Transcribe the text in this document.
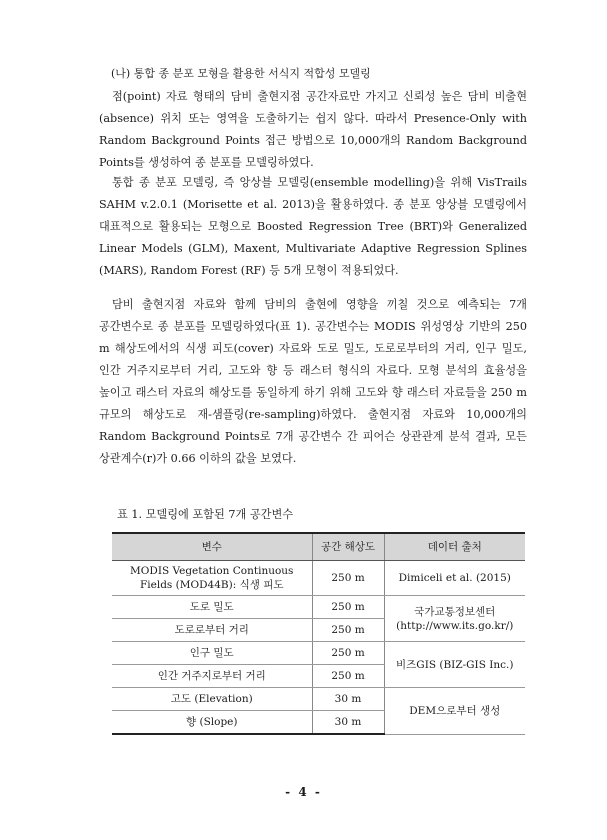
(나) 통합 종 분포 모형을 활용한 서식지 적합성 모델링

점(point) 자료 형태의 담비 출현지점 공간자료만 가지고 신뢰성 높은 담비 비출현(absence) 위치 또는 영역을 도출하기는 쉽지 않다. 따라서 Presence-Only with Random Background Points 접근 방법으로 10,000개의 Random Background Points를 생성하여 종 분포를 모델링하였다.

통합 종 분포 모델링, 즉 앙상블 모델링(ensemble modelling)을 위해 VisTrails SAHM v.2.0.1 (Morisette et al. 2013)을 활용하였다. 종 분포 앙상블 모델링에서 대표적으로 활용되는 모형으로 Boosted Regression Tree (BRT)와 Generalized Linear Models (GLM), Maxent, Multivariate Adaptive Regression Splines (MARS), Random Forest (RF) 등 5개 모형이 적용되었다.

담비 출현지점 자료와 함께 담비의 출현에 영향을 끼칠 것으로 예측되는 7개 공간변수로 종 분포를 모델링하였다(표 1). 공간변수는 MODIS 위성영상 기반의 250 m 해상도에서의 식생 피도(cover) 자료와 도로 밀도, 도로로부터의 거리, 인구 밀도, 인간 거주지로부터 거리, 고도와 향 등 래스터 형식의 자료다. 모형 분석의 효율성을 높이고 래스터 자료의 해상도를 동일하게 하기 위해 고도와 향 래스터 자료들을 250 m 규모의 해상도로 재-샘플링(re-sampling)하였다. 출현지점 자료와 10,000개의 Random Background Points로 7개 공간변수 간 피어슨 상관관계 분석 결과, 모든 상관계수(r)가 0.66 이하의 값을 보였다.

표 1. 모델링에 포함된 7개 공간변수
변수	공간 해상도	데이터 출처
MODIS Vegetation Continuous Fields (MOD44B): 식생 피도	250 m	Dimiceli et al. (2015)
도로 밀도	250 m	국가교통정보센터 (http://www.its.go.kr/)
도로로부터 거리	250 m	
인구 밀도	250 m	비즈GIS (BIZ-GIS Inc.)
인간 거주지로부터 거리	250 m	
고도 (Elevation)	30 m	DEM으로부터 생성
향 (Slope)	30 m	
- 4 -
